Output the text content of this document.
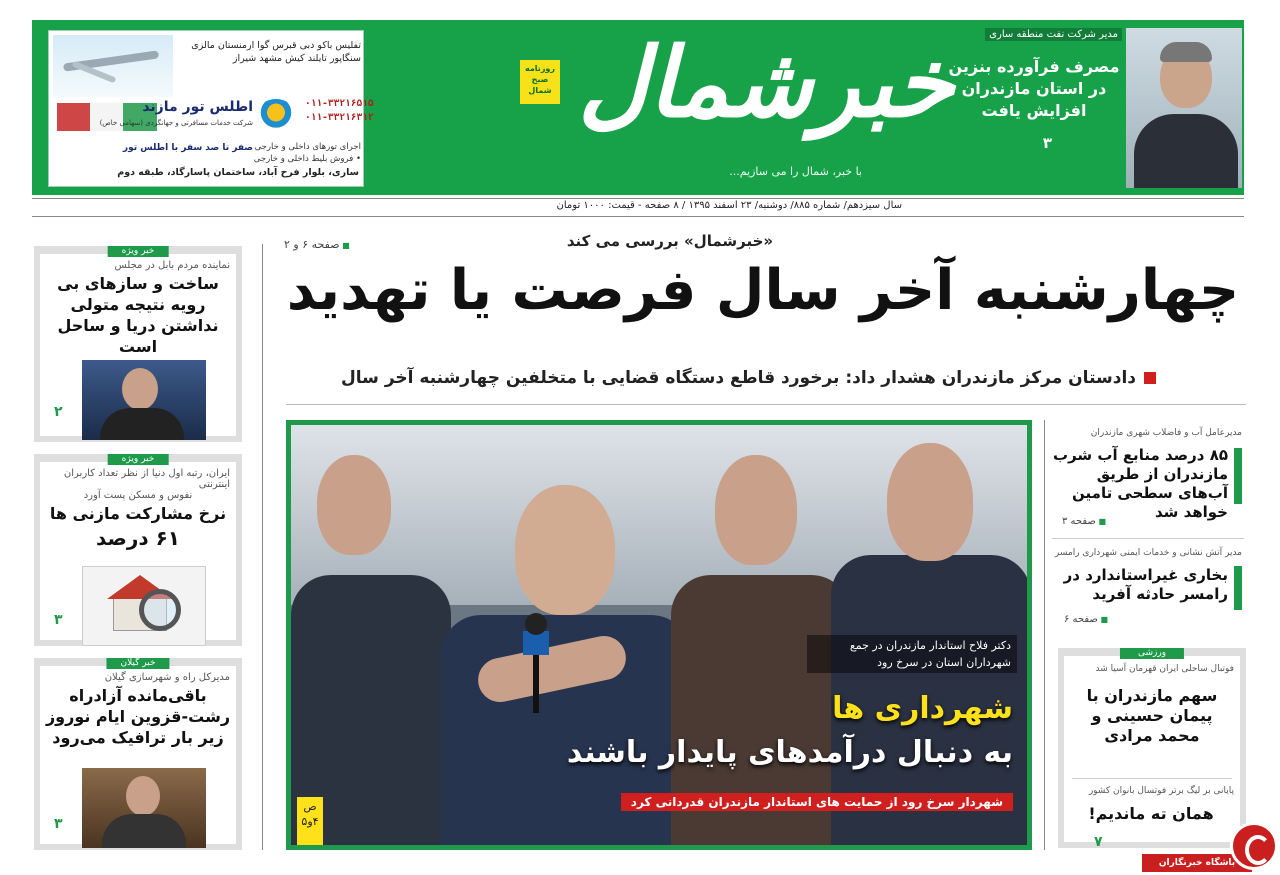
تفلیس باکو دبی قبرس گوا ارمنستان مالزی سنگاپور تایلند کیش مشهد شیراز
اطلس تور مازند
شرکت خدمات مسافرتی و جهانگردی (سهامی خاص)
۰۱۱-۳۳۲۱۶۵۱۵
۰۱۱-۳۳۲۱۶۳۱۲
اجرای تورهای داخلی و خارجی • فروش بلیط داخلی و خارجی
صفر تا صد سفر با اطلس تور
ساری، بلوار فرح آباد، ساختمان پاسارگاد، طبقه دوم
روزنامه صبح شمال خبرشمال
با خبر، شمال را می سازیم...
مدیر شرکت نفت منطقه ساری
مصرف فرآورده بنزین در استان مازندران افزایش یافت
۳
سال سیزدهم/ شماره ۸۸۵/ دوشنبه/ ۲۳ اسفند ۱۳۹۵ / ۸ صفحه - قیمت: ۱۰۰۰ تومان
خبر ویژه
نماینده مردم بابل در مجلس
ساخت و سازهای بی رویه نتیجه متولی نداشتن دریا و ساحل است
۲
خبر ویژه
ایران، رتبه اول دنیا از نظر تعداد کاربران اینترنتی
نفوس و مسکن پست آورد
نرخ مشارکت مازنی ها
۶۱ درصد
۳
خبر گیلان
مدیرکل راه و شهرسازی گیلان
باقی‌مانده آزادراه رشت-قزوین ایام نوروز زیر بار ترافیک می‌رود
۳
«خبرشمال» بررسی می کند
■ صفحه ۶ و ۲
چهارشنبه آخر سال فرصت یا تهدید
دادستان مرکز مازندران هشدار داد: برخورد قاطع دستگاه قضایی با متخلفین چهارشنبه آخر سال
دکتر فلاح استاندار مازندران در جمع شهرداران استان در سرخ رود
شهرداری ها
به دنبال درآمدهای پایدار باشند
شهردار سرخ رود از حمایت های استاندار مازندران قدردانی کرد
ص ۴و۵
مدیرعامل آب و فاضلاب شهری مازندران
۸۵ درصد منابع آب شرب مازندران از طریق آب‌های سطحی تامین خواهد شد
■ صفحه ۳
مدیر آتش نشانی و خدمات ایمنی شهرداری رامسر
بخاری غیراستاندارد در رامسر حادثه آفرید
■ صفحه ۶
ورزشی
فوتبال ساحلی ایران قهرمان آسیا شد
سهم مازندران با پیمان حسینی و محمد مرادی
پایانی بر لیگ برتر فوتسال بانوان کشور
همان ته ماندیم!
۷
باشگاه خبرنگاران
